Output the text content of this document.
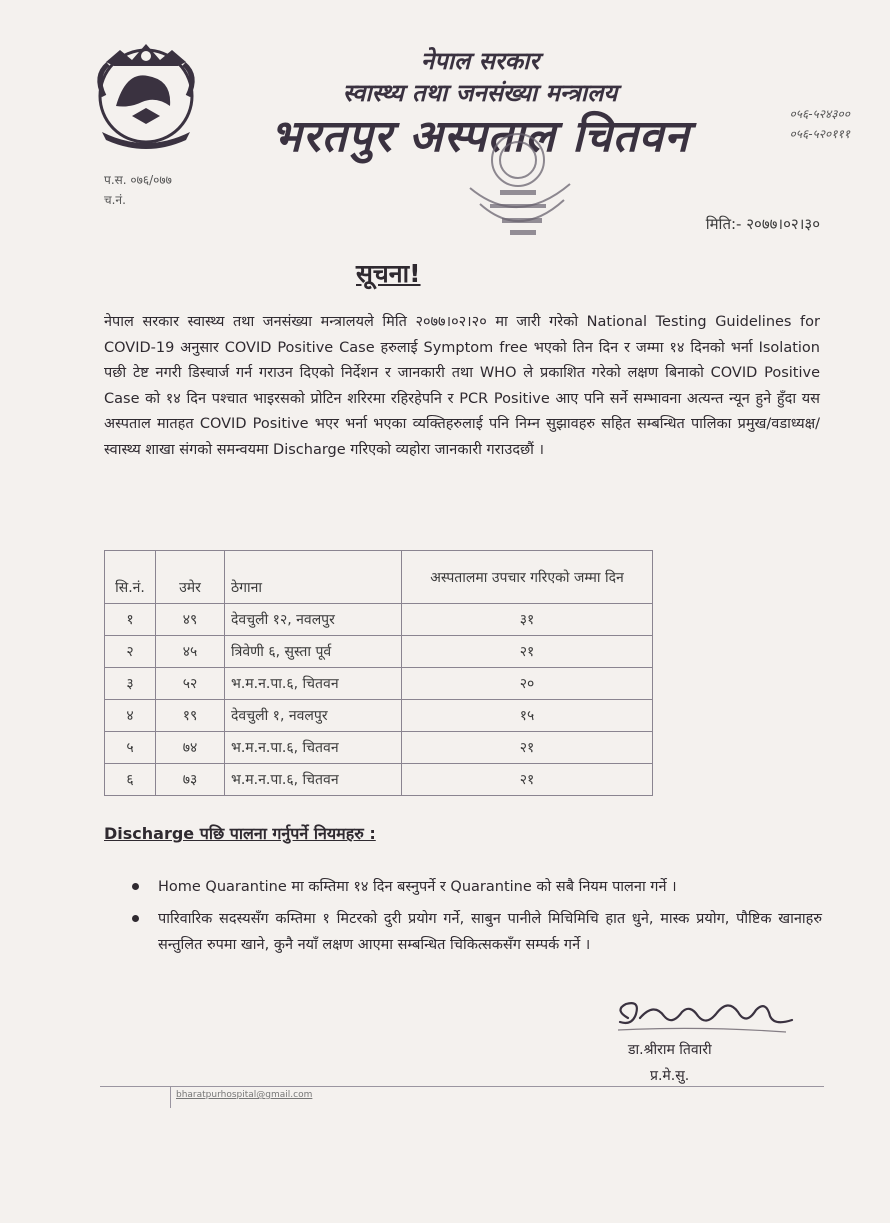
नेपाल सरकार
स्वास्थ्य तथा जनसंख्या मन्त्रालय
भरतपुर अस्पताल चितवन	०५६-५२४३००
०५६-५२०१११
प.स. ०७६/०७७
च.नं.
मिति:- २०७७।०२।३०
सूचना!
नेपाल सरकार स्वास्थ्य तथा जनसंख्या मन्त्रालयले मिति २०७७।०२।२० मा जारी गरेको National Testing Guidelines for COVID-19 अनुसार COVID Positive Case हरुलाई Symptom free भएको तिन दिन र जम्मा १४ दिनको भर्ना Isolation पछी टेष्ट नगरी डिस्चार्ज गर्न गराउन दिएको निर्देशन र जानकारी तथा WHO ले प्रकाशित गरेको लक्षण बिनाको COVID Positive Case को १४ दिन पश्चात भाइरसको प्रोटिन शरिरमा रहिरहेपनि र PCR Positive आए पनि सर्ने सम्भावना अत्यन्त न्यून हुने हुँदा यस अस्पताल मातहत COVID Positive भएर भर्ना भएका व्यक्तिहरुलाई पनि निम्न सुझावहरु सहित सम्बन्धित पालिका प्रमुख/वडाध्यक्ष/स्वास्थ्य शाखा संगको समन्वयमा Discharge गरिएको व्यहोरा जानकारी गराउदछौं ।
सि.नं.	उमेर	ठेगाना	अस्पतालमा उपचार गरिएको जम्मा दिन
१	४९	देवचुली १२, नवलपुर	३१
२	४५	त्रिवेणी ६, सुस्ता पूर्व	२१
३	५२	भ.म.न.पा.६, चितवन	२०
४	१९	देवचुली १, नवलपुर	१५
५	७४	भ.म.न.पा.६, चितवन	२१
६	७३	भ.म.न.पा.६, चितवन	२१
Discharge पछि पालना गर्नुपर्ने नियमहरु :
Home Quarantine मा कम्तिमा १४ दिन बस्नुपर्ने र Quarantine को सबै नियम पालना गर्ने ।
पारिवारिक सदस्यसँग कम्तिमा १ मिटरको दुरी प्रयोग गर्ने, साबुन पानीले मिचिमिचि हात धुने, मास्क प्रयोग, पौष्टिक खानाहरु सन्तुलित रुपमा खाने, कुनै नयाँ लक्षण आएमा सम्बन्धित चिकित्सकसँग सम्पर्क गर्ने ।
डा.श्रीराम तिवारी
प्र.मे.सु.
bharatpurhospital@gmail.com
